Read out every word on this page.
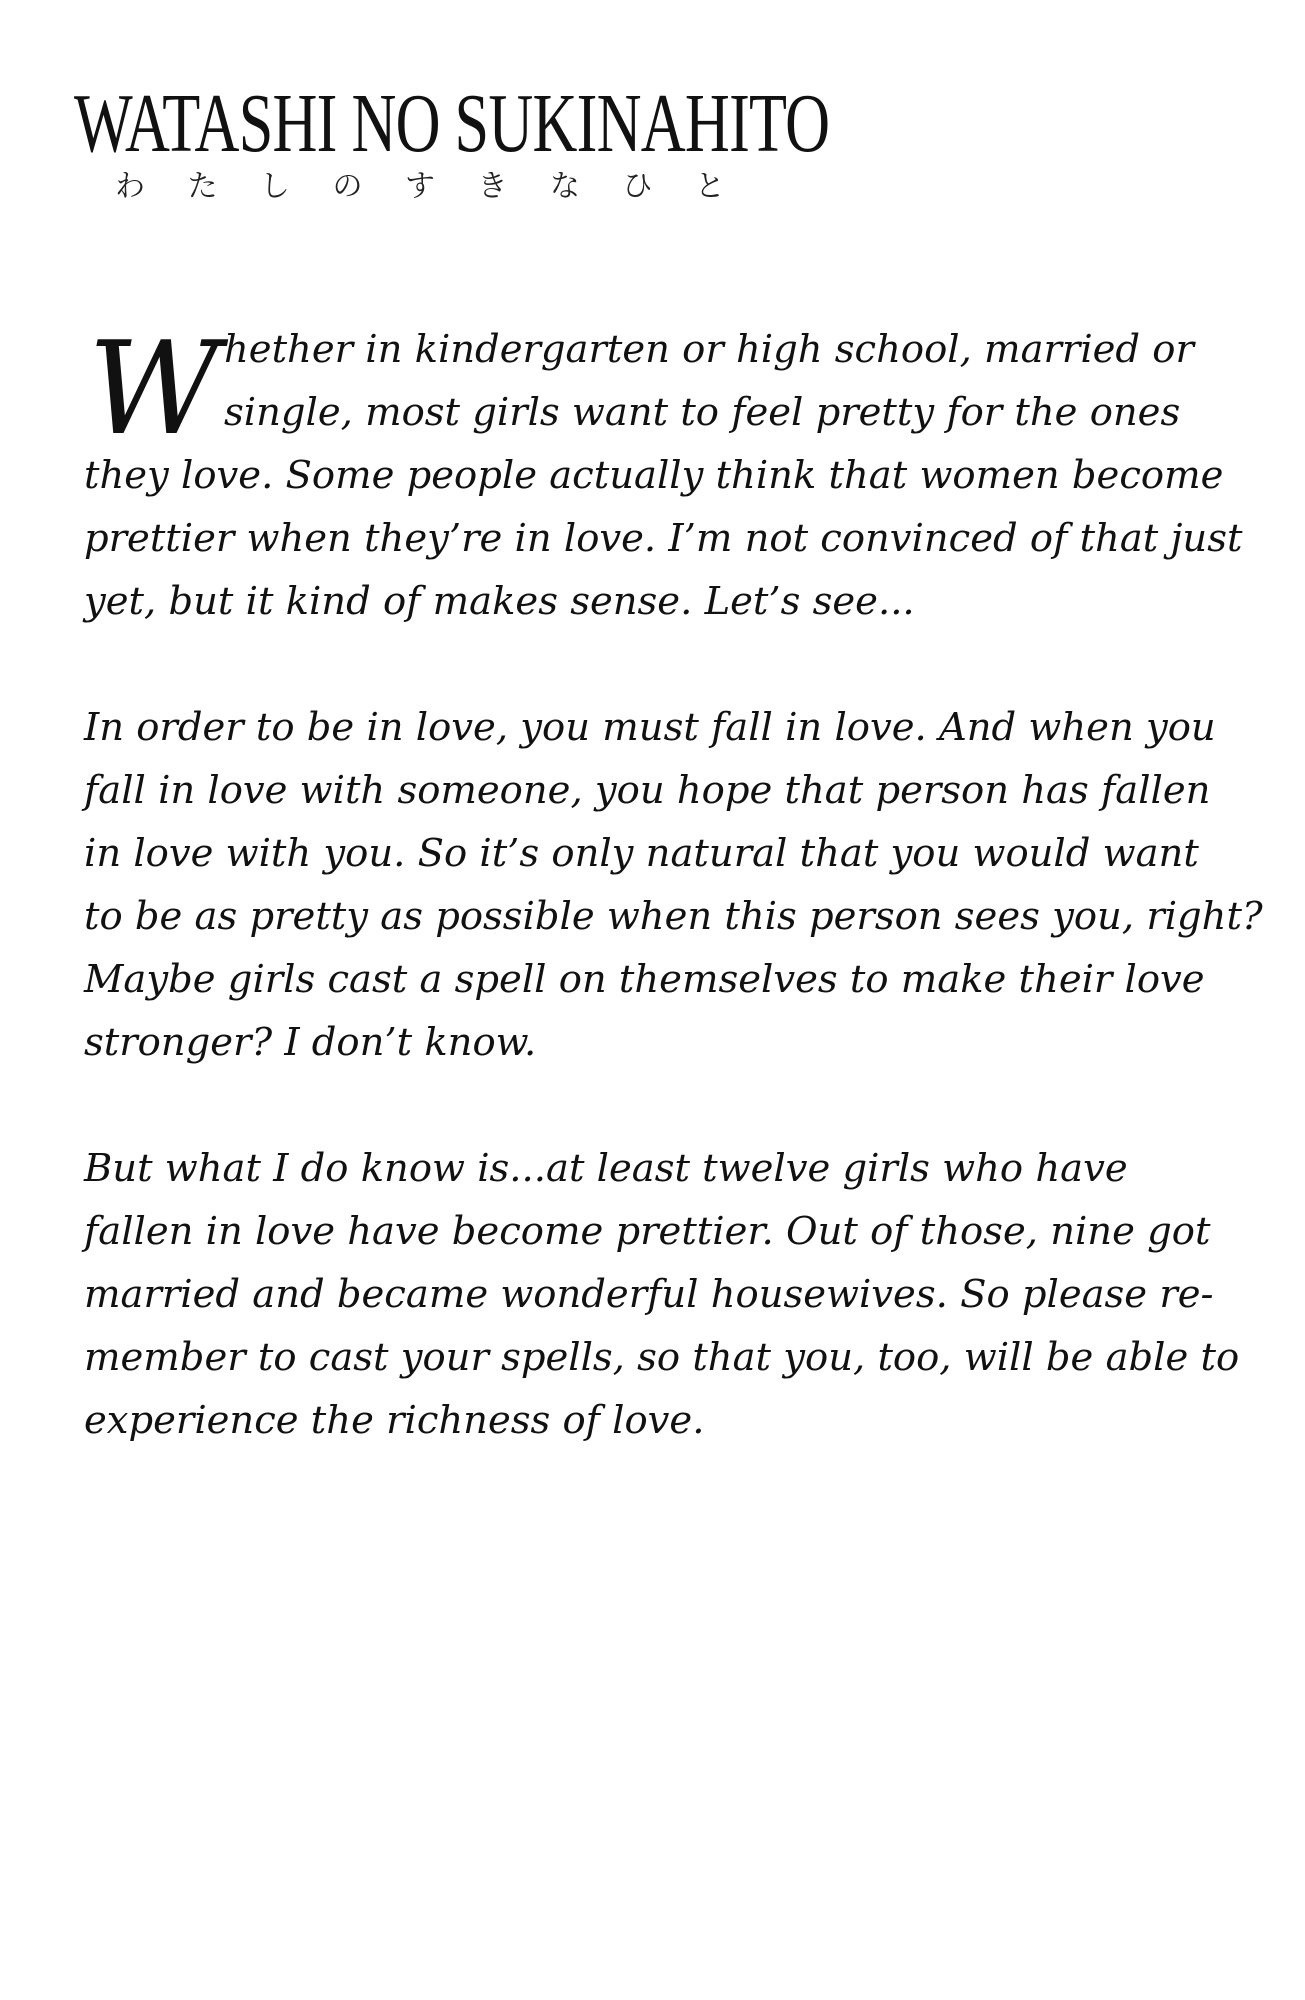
WATASHI NO SUKINAHITO
わ た し の す き な ひ と

W hether in kindergarten or high school, married or
single, most girls want to feel pretty for the ones
they love. Some people actually think that women become
prettier when they’re in love. I’m not convinced of that just
yet, but it kind of makes sense. Let’s see...

In order to be in love, you must fall in love. And when you
fall in love with someone, you hope that person has fallen
in love with you. So it’s only natural that you would want
to be as pretty as possible when this person sees you, right?
Maybe girls cast a spell on themselves to make their love
stronger? I don’t know.

But what I do know is...at least twelve girls who have
fallen in love have become prettier. Out of those, nine got
married and became wonderful housewives. So please re-
member to cast your spells, so that you, too, will be able to
experience the richness of love.
